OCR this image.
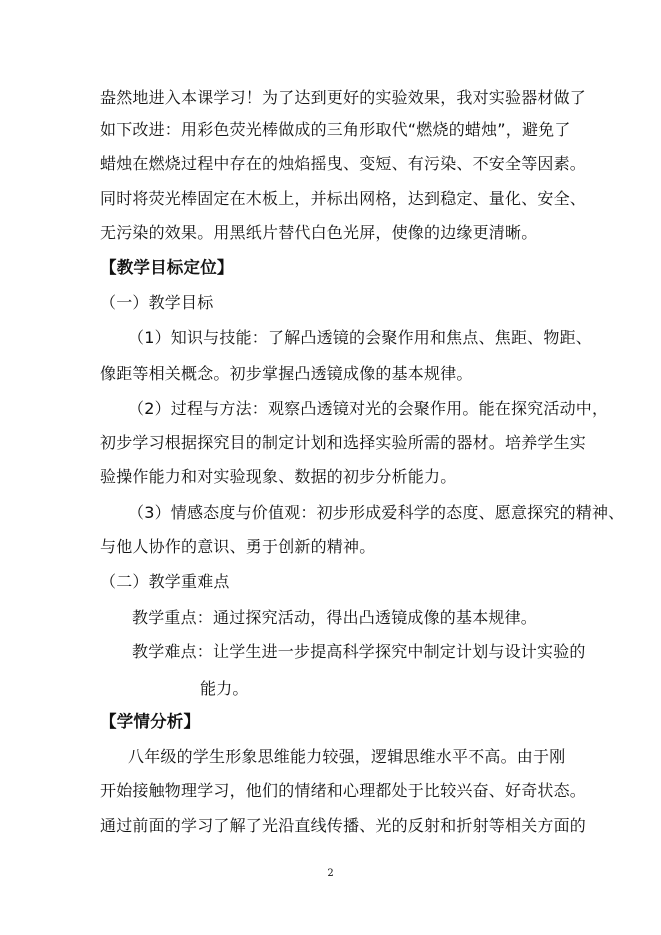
盎然地进入本课学习！为了达到更好的实验效果，我对实验器材做了
如下改进：用彩色荧光棒做成的三角形取代“燃烧的蜡烛”，避免了
蜡烛在燃烧过程中存在的烛焰摇曳、变短、有污染、不安全等因素。
同时将荧光棒固定在木板上，并标出网格，达到稳定、量化、安全、
无污染的效果。用黑纸片替代白色光屏，使像的边缘更清晰。
【教学目标定位】
（一）教学目标
（1）知识与技能：了解凸透镜的会聚作用和焦点、焦距、物距、
像距等相关概念。初步掌握凸透镜成像的基本规律。
（2）过程与方法：观察凸透镜对光的会聚作用。能在探究活动中，
初步学习根据探究目的制定计划和选择实验所需的器材。培养学生实
验操作能力和对实验现象、数据的初步分析能力。
（3）情感态度与价值观：初步形成爱科学的态度、愿意探究的精神、
与他人协作的意识、勇于创新的精神。
（二）教学重难点
教学重点：通过探究活动，得出凸透镜成像的基本规律。
教学难点：让学生进一步提高科学探究中制定计划与设计实验的
能力。
【学情分析】
八年级的学生形象思维能力较强，逻辑思维水平不高。由于刚
开始接触物理学习，他们的情绪和心理都处于比较兴奋、好奇状态。
通过前面的学习了解了光沿直线传播、光的反射和折射等相关方面的
2
